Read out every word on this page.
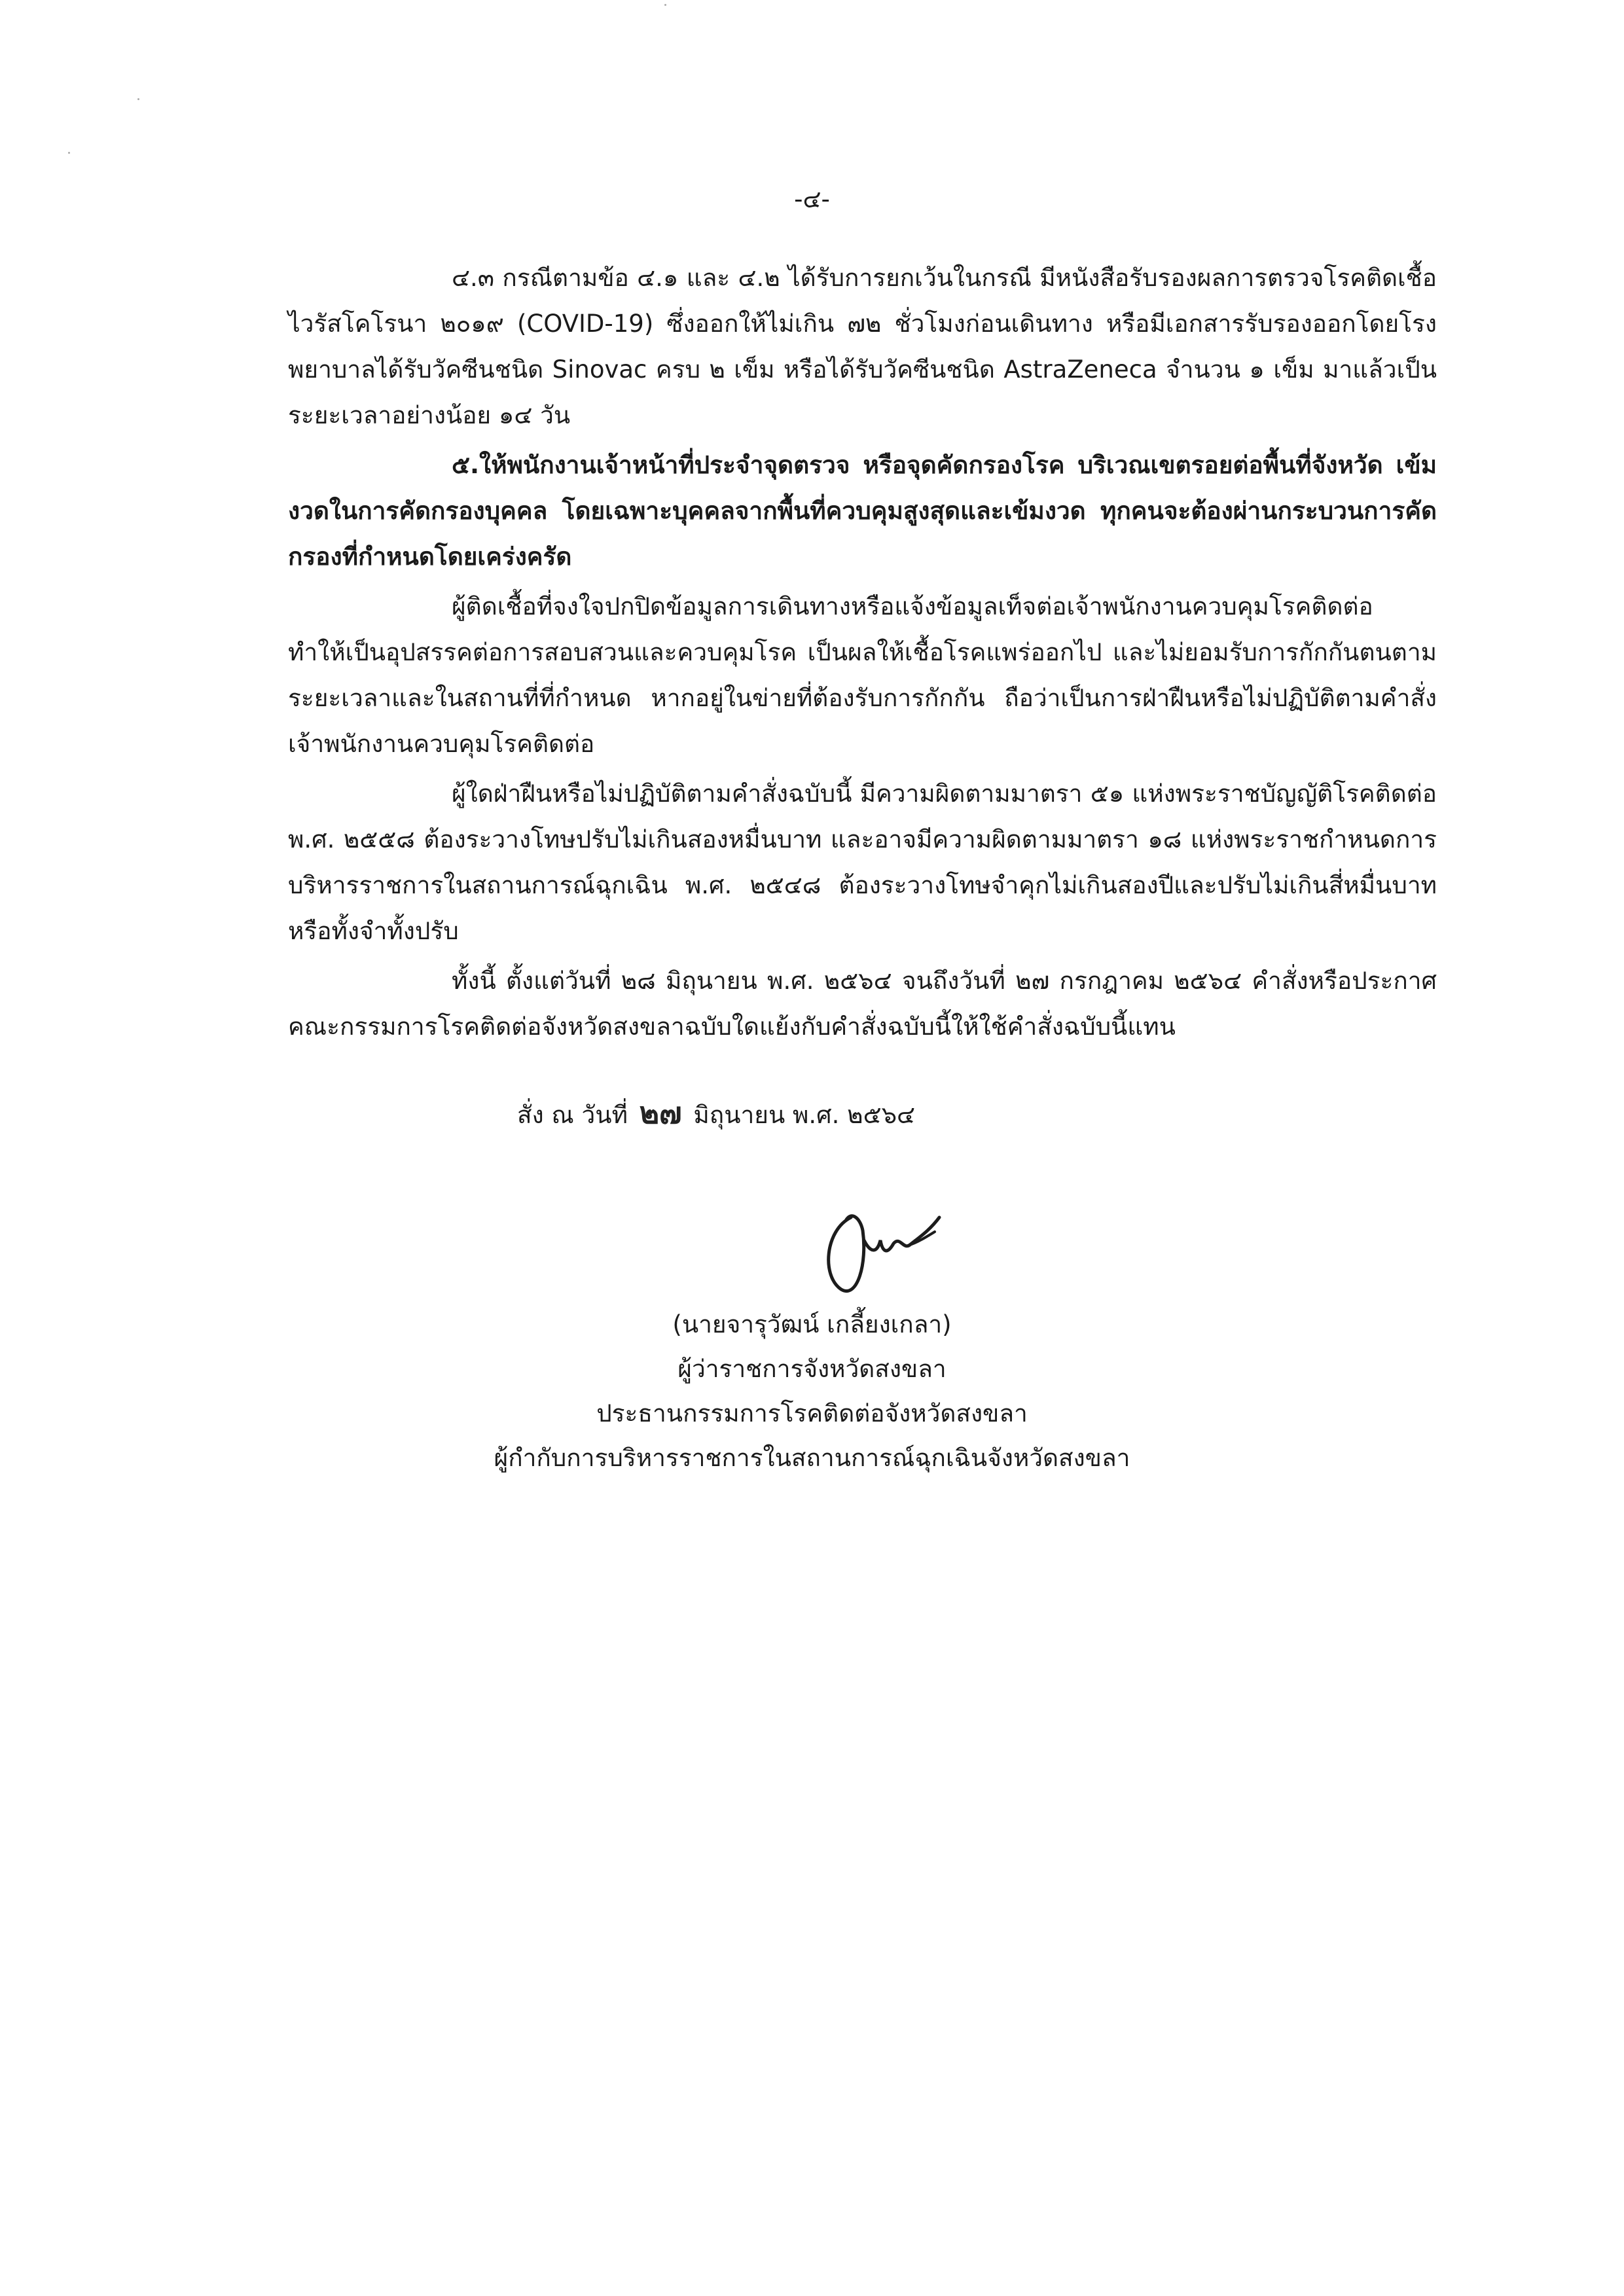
-๔-

๔.๓ กรณีตามข้อ ๔.๑ และ ๔.๒ ได้รับการยกเว้นในกรณี มีหนังสือรับรองผลการตรวจโรคติดเชื้อไวรัสโคโรนา ๒๐๑๙ (COVID-19) ซึ่งออกให้ไม่เกิน ๗๒ ชั่วโมงก่อนเดินทาง หรือมีเอกสารรับรองออกโดยโรงพยาบาลได้รับวัคซีนชนิด Sinovac ครบ ๒ เข็ม หรือได้รับวัคซีนชนิด AstraZeneca จำนวน ๑ เข็ม มาแล้วเป็นระยะเวลาอย่างน้อย ๑๔ วัน

๕.ให้พนักงานเจ้าหน้าที่ประจำจุดตรวจ หรือจุดคัดกรองโรค บริเวณเขตรอยต่อพื้นที่จังหวัด เข้มงวดในการคัดกรองบุคคล โดยเฉพาะบุคคลจากพื้นที่ควบคุมสูงสุดและเข้มงวด ทุกคนจะต้องผ่านกระบวนการคัดกรองที่กำหนดโดยเคร่งครัด

ผู้ติดเชื้อที่จงใจปกปิดข้อมูลการเดินทางหรือแจ้งข้อมูลเท็จต่อเจ้าพนักงานควบคุมโรคติดต่อ ทำให้เป็นอุปสรรคต่อการสอบสวนและควบคุมโรค เป็นผลให้เชื้อโรคแพร่ออกไป และไม่ยอมรับการกักกันตนตามระยะเวลาและในสถานที่ที่กำหนด หากอยู่ในข่ายที่ต้องรับการกักกัน ถือว่าเป็นการฝ่าฝืนหรือไม่ปฏิบัติตามคำสั่งเจ้าพนักงานควบคุมโรคติดต่อ

ผู้ใดฝ่าฝืนหรือไม่ปฏิบัติตามคำสั่งฉบับนี้ มีความผิดตามมาตรา ๕๑ แห่งพระราชบัญญัติโรคติดต่อ พ.ศ. ๒๕๕๘ ต้องระวางโทษปรับไม่เกินสองหมื่นบาท และอาจมีความผิดตามมาตรา ๑๘ แห่งพระราชกำหนดการบริหารราชการในสถานการณ์ฉุกเฉิน พ.ศ. ๒๕๔๘ ต้องระวางโทษจำคุกไม่เกินสองปีและปรับไม่เกินสี่หมื่นบาทหรือทั้งจำทั้งปรับ

ทั้งนี้ ตั้งแต่วันที่ ๒๘ มิถุนายน พ.ศ. ๒๕๖๔ จนถึงวันที่ ๒๗ กรกฎาคม ๒๕๖๔ คำสั่งหรือประกาศคณะกรรมการโรคติดต่อจังหวัดสงขลาฉบับใดแย้งกับคำสั่งฉบับนี้ให้ใช้คำสั่งฉบับนี้แทน

สั่ง ณ วันที่ ๒๗ มิถุนายน พ.ศ. ๒๕๖๔
(นายจารุวัฒน์ เกลี้ยงเกลา)
ผู้ว่าราชการจังหวัดสงขลา
ประธานกรรมการโรคติดต่อจังหวัดสงขลา
ผู้กำกับการบริหารราชการในสถานการณ์ฉุกเฉินจังหวัดสงขลา
